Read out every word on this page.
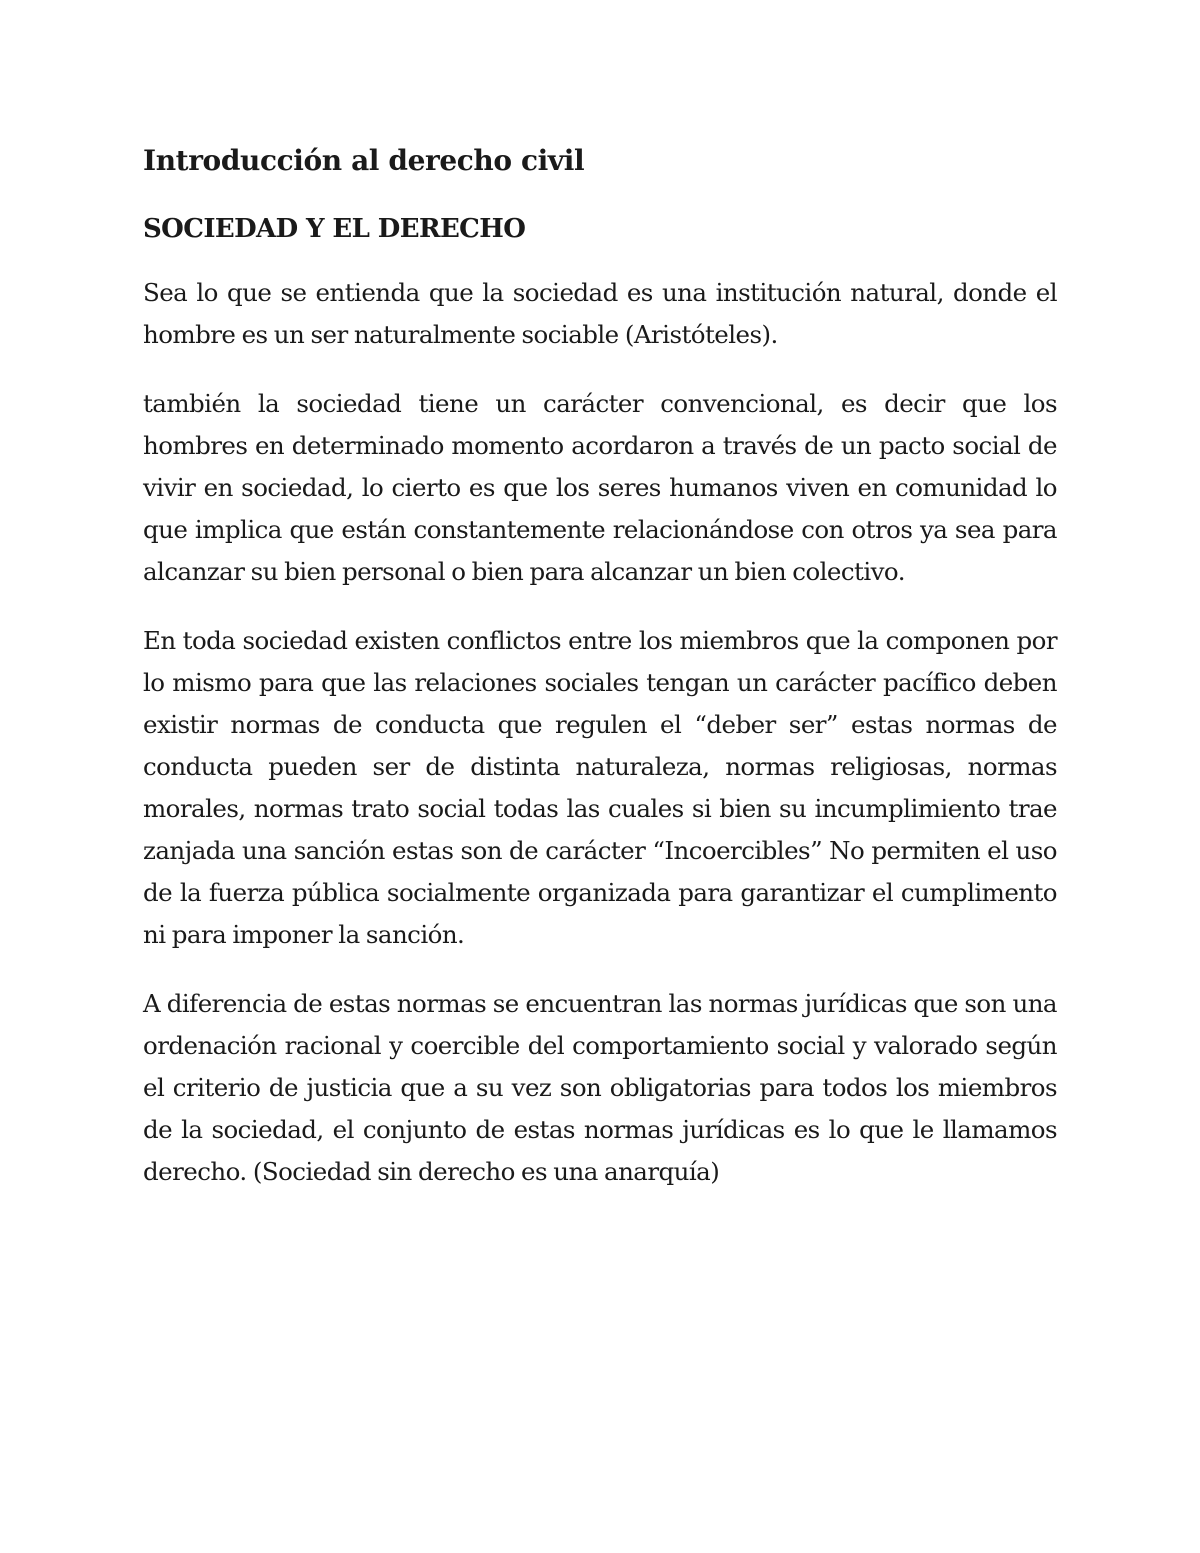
Introducción al derecho civil
SOCIEDAD Y EL DERECHO

Sea lo que se entienda que la sociedad es una institución natural, donde el hombre es un ser naturalmente sociable (Aristóteles).

también la sociedad tiene un carácter convencional, es decir que los hombres en determinado momento acordaron a través de un pacto social de vivir en sociedad, lo cierto es que los seres humanos viven en comunidad lo que implica que están constantemente relacionándose con otros ya sea para alcanzar su bien personal o bien para alcanzar un bien colectivo.

En toda sociedad existen conflictos entre los miembros que la componen por lo mismo para que las relaciones sociales tengan un carácter pacífico deben existir normas de conducta que regulen el “deber ser” estas normas de conducta pueden ser de distinta naturaleza, normas religiosas, normas morales, normas trato social todas las cuales si bien su incumplimiento trae zanjada una sanción estas son de carácter “Incoercibles” No permiten el uso de la fuerza pública socialmente organizada para garantizar el cumplimento ni para imponer la sanción.

A diferencia de estas normas se encuentran las normas jurídicas que son una ordenación racional y coercible del comportamiento social y valorado según el criterio de justicia que a su vez son obligatorias para todos los miembros de la sociedad, el conjunto de estas normas jurídicas es lo que le llamamos derecho. (Sociedad sin derecho es una anarquía)
